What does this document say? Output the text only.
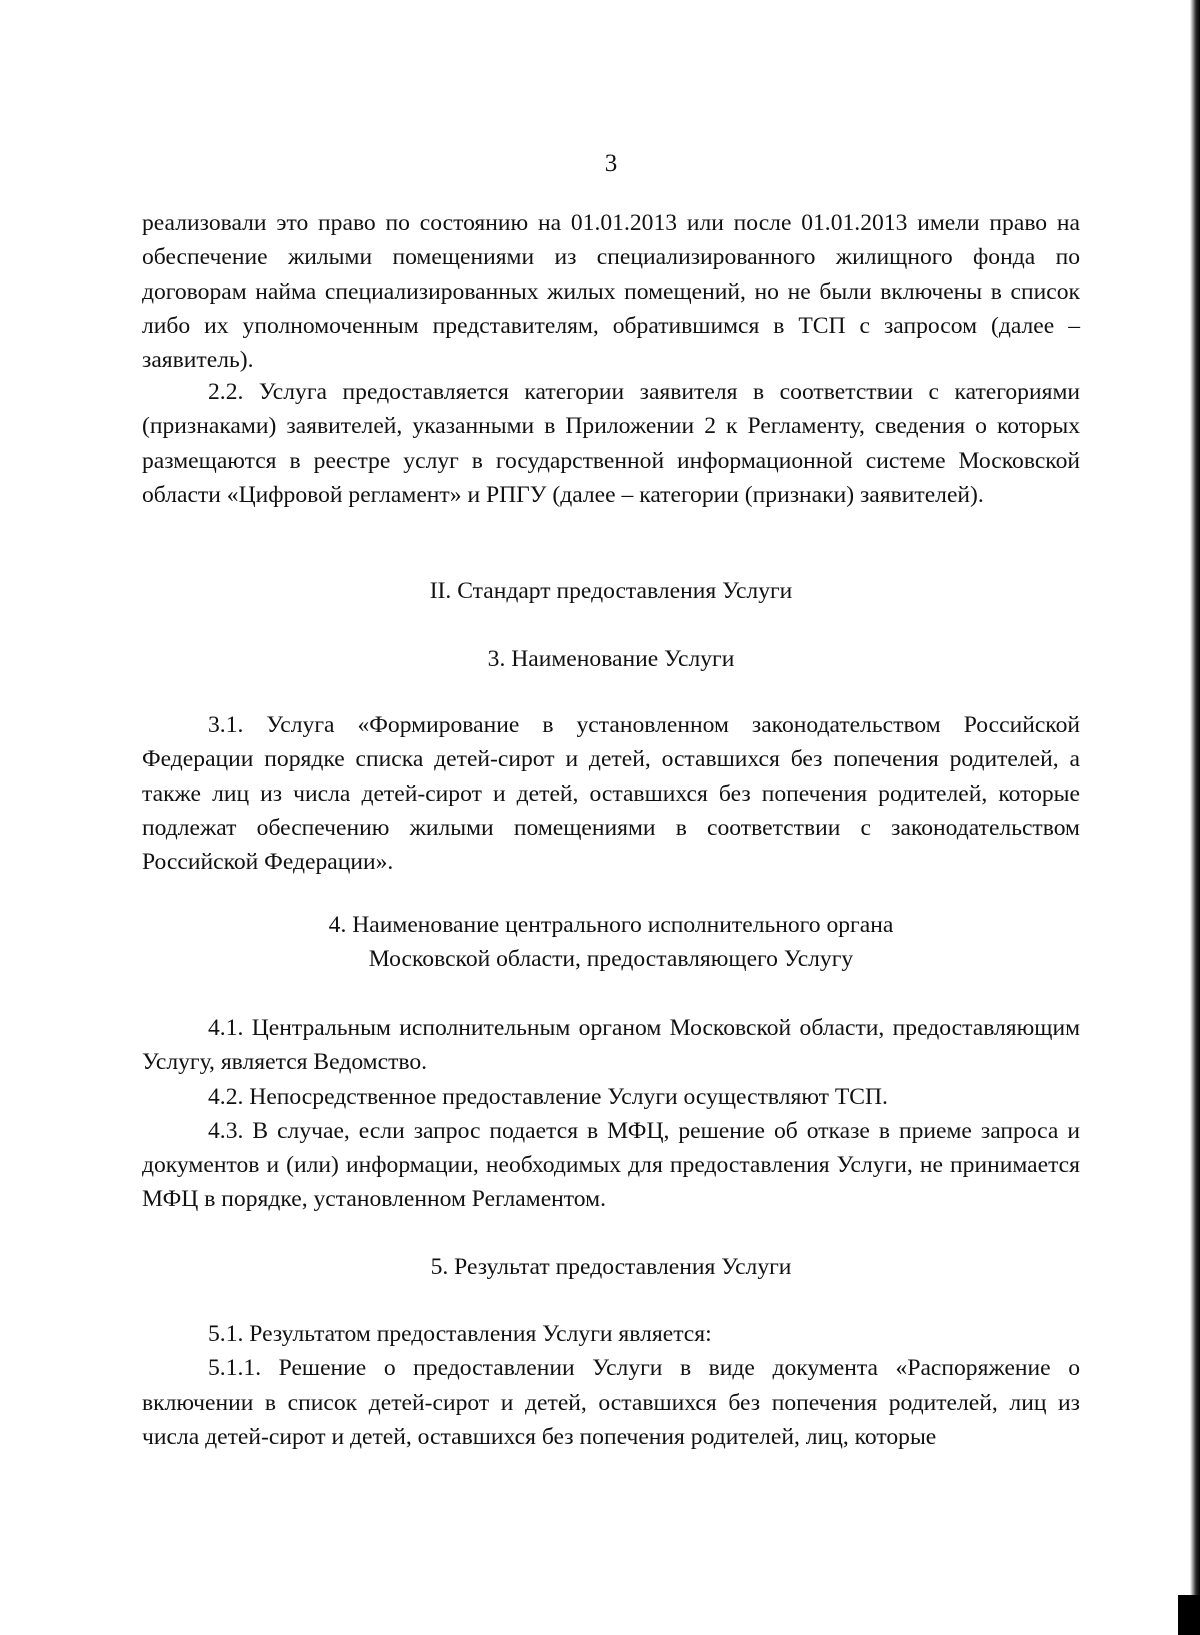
3

реализовали это право по состоянию на 01.01.2013 или после 01.01.2013 имели право на обеспечение жилыми помещениями из специализированного жилищного фонда по договорам найма специализированных жилых помещений, но не были включены в список либо их уполномоченным представителям, обратившимся в ТСП с запросом (далее – заявитель).

2.2. Услуга предоставляется категории заявителя в соответствии с категориями (признаками) заявителей, указанными в Приложении 2 к Регламенту, сведения о которых размещаются в реестре услуг в государственной информационной системе Московской области «Цифровой регламент» и РПГУ (далее – категории (признаки) заявителей).

II. Стандарт предоставления Услуги
3. Наименование Услуги

3.1. Услуга «Формирование в установленном законодательством Российской Федерации порядке списка детей-сирот и детей, оставшихся без попечения родителей, а также лиц из числа детей-сирот и детей, оставшихся без попечения родителей, которые подлежат обеспечению жилыми помещениями в соответствии с законодательством Российской Федерации».

4. Наименование центрального исполнительного органа
Московской области, предоставляющего Услугу

4.1. Центральным исполнительным органом Московской области, предоставляющим Услугу, является Ведомство.

4.2. Непосредственное предоставление Услуги осуществляют ТСП.

4.3. В случае, если запрос подается в МФЦ, решение об отказе в приеме запроса и документов и (или) информации, необходимых для предоставления Услуги, не принимается МФЦ в порядке, установленном Регламентом.

5. Результат предоставления Услуги

5.1. Результатом предоставления Услуги является:

5.1.1. Решение о предоставлении Услуги в виде документа «Распоряжение о включении в список детей-сирот и детей, оставшихся без попечения родителей, лиц из числа детей-сирот и детей, оставшихся без попечения родителей, лиц, которые
